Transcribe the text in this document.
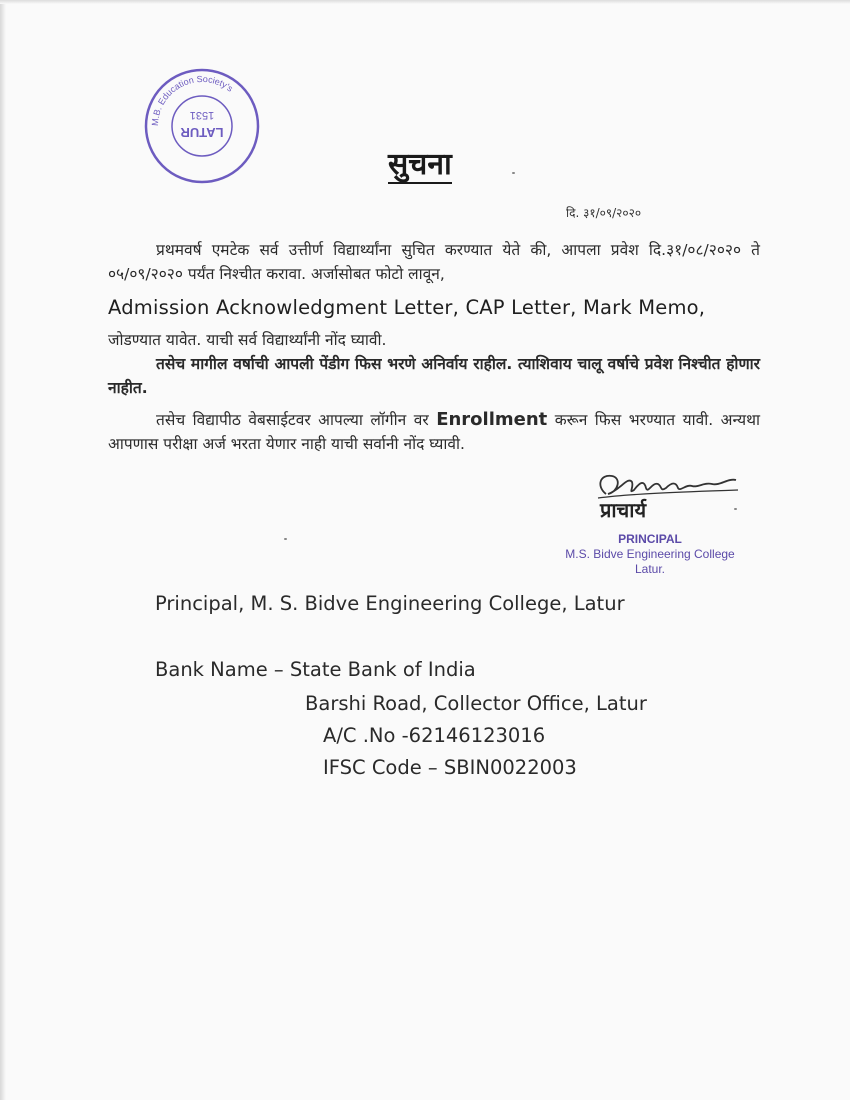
M.B. Education Society's
LATUR
1531
सुचना
दि. ३१/०९/२०२०
प्रथमवर्ष एमटेक सर्व उत्तीर्ण विद्यार्थ्यांना सुचित करण्यात येते की, आपला प्रवेश दि.३१/०८/२०२० ते ०५/०९/२०२० पर्यंत निश्चीत करावा. अर्जासोबत फोटो लावून,
Admission Acknowledgment Letter, CAP Letter, Mark Memo,
जोडण्यात यावेत. याची सर्व विद्यार्थ्यांनी नोंद घ्यावी.
तसेच मागील वर्षाची आपली पेंडीग फिस भरणे अनिर्वाय राहील. त्याशिवाय चालू वर्षाचे प्रवेश निश्चीत होणार नाहीत.
तसेच विद्यापीठ वेबसाईटवर आपल्या लॉगीन वर Enrollment करून फिस भरण्यात यावी. अन्यथा आपणास परीक्षा अर्ज भरता येणार नाही याची सर्वानी नोंद घ्यावी.
प्राचार्य
PRINCIPAL
M.S. Bidve Engineering College
Latur.
Principal, M. S. Bidve Engineering College, Latur
Bank Name – State Bank of India
Barshi Road, Collector Office, Latur
A/C .No -62146123016
IFSC Code – SBIN0022003
